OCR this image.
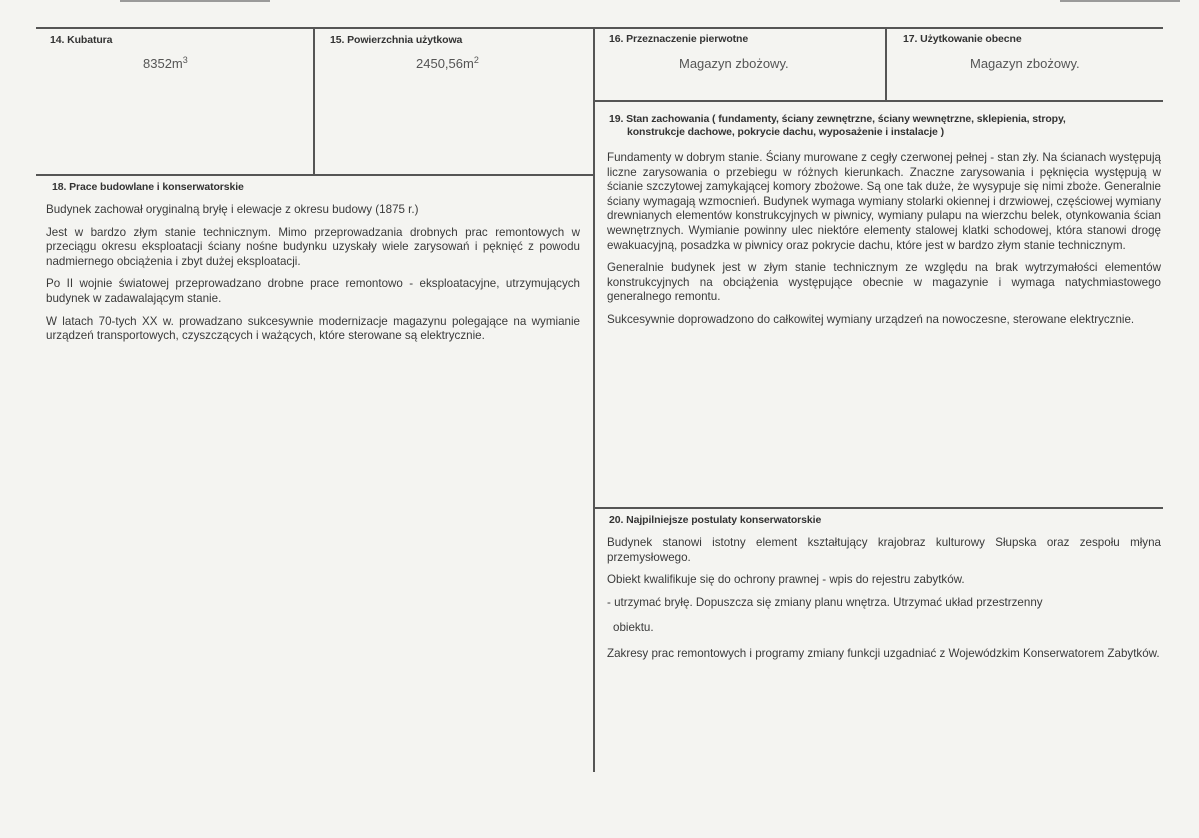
14. Kubatura
$8352m^3$
15. Powierzchnia użytkowa
$2450,56m^2$
16. Przeznaczenie pierwotne
Magazyn zbożowy.
17. Użytkowanie obecne
Magazyn zbożowy.
19. Stan zachowania ( fundamenty, ściany zewnętrzne, ściany wewnętrzne, sklepienia, stropy,
konstrukcje dachowe, pokrycie dachu, wyposażenie i instalacje )

Fundamenty w dobrym stanie. Ściany murowane z cegły czerwonej pełnej - stan zły. Na ścianach występują liczne zarysowania o przebiegu w różnych kierunkach. Znaczne zarysowania i pęknięcia występują w ścianie szczytowej zamykającej komory zbożowe. Są one tak duże, że wysypuje się nimi zboże. Generalnie ściany wymagają wzmocnień. Budynek wymaga wymiany stolarki okiennej i drzwiowej, częściowej wymiany drewnianych elementów konstrukcyjnych w piwnicy, wymiany pulapu na wierzchu belek, otynkowania ścian wewnętrznych. Wymianie powinny ulec niektóre elementy stalowej klatki schodowej, która stanowi drogę ewakuacyjną, posadzka w piwnicy oraz pokrycie dachu, które jest w bardzo złym stanie technicznym.

Generalnie budynek jest w złym stanie technicznym ze względu na brak wytrzymałości elementów konstrukcyjnych na obciążenia występujące obecnie w magazynie i wymaga natychmiastowego generalnego remontu.

Sukcesywnie doprowadzono do całkowitej wymiany urządzeń na nowoczesne, sterowane elektrycznie.

18. Prace budowlane i konserwatorskie

Budynek zachował oryginalną bryłę i elewacje z okresu budowy (1875 r.)

Jest w bardzo złym stanie technicznym. Mimo przeprowadzania drobnych prac remontowych w przeciągu okresu eksploatacji ściany nośne budynku uzyskały wiele zarysowań i pęknięć z powodu nadmiernego obciążenia i zbyt dużej eksploatacji.

Po II wojnie światowej przeprowadzano drobne prace remontowo - eksploatacyjne, utrzymujących budynek w zadawalającym stanie.

W latach 70-tych XX w. prowadzano sukcesywnie modernizacje magazynu polegające na wymianie urządzeń transportowych, czyszczących i ważących, które sterowane są elektrycznie.

20. Najpilniejsze postulaty konserwatorskie

Budynek stanowi istotny element kształtujący krajobraz kulturowy Słupska oraz zespołu młyna przemysłowego.

Obiekt kwalifikuje się do ochrony prawnej - wpis do rejestru zabytków.

- utrzymać bryłę. Dopuszcza się zmiany planu wnętrza. Utrzymać układ przestrzenny

obiektu.

Zakresy prac remontowych i programy zmiany funkcji uzgadniać z Wojewódzkim Konserwatorem Zabytków.
